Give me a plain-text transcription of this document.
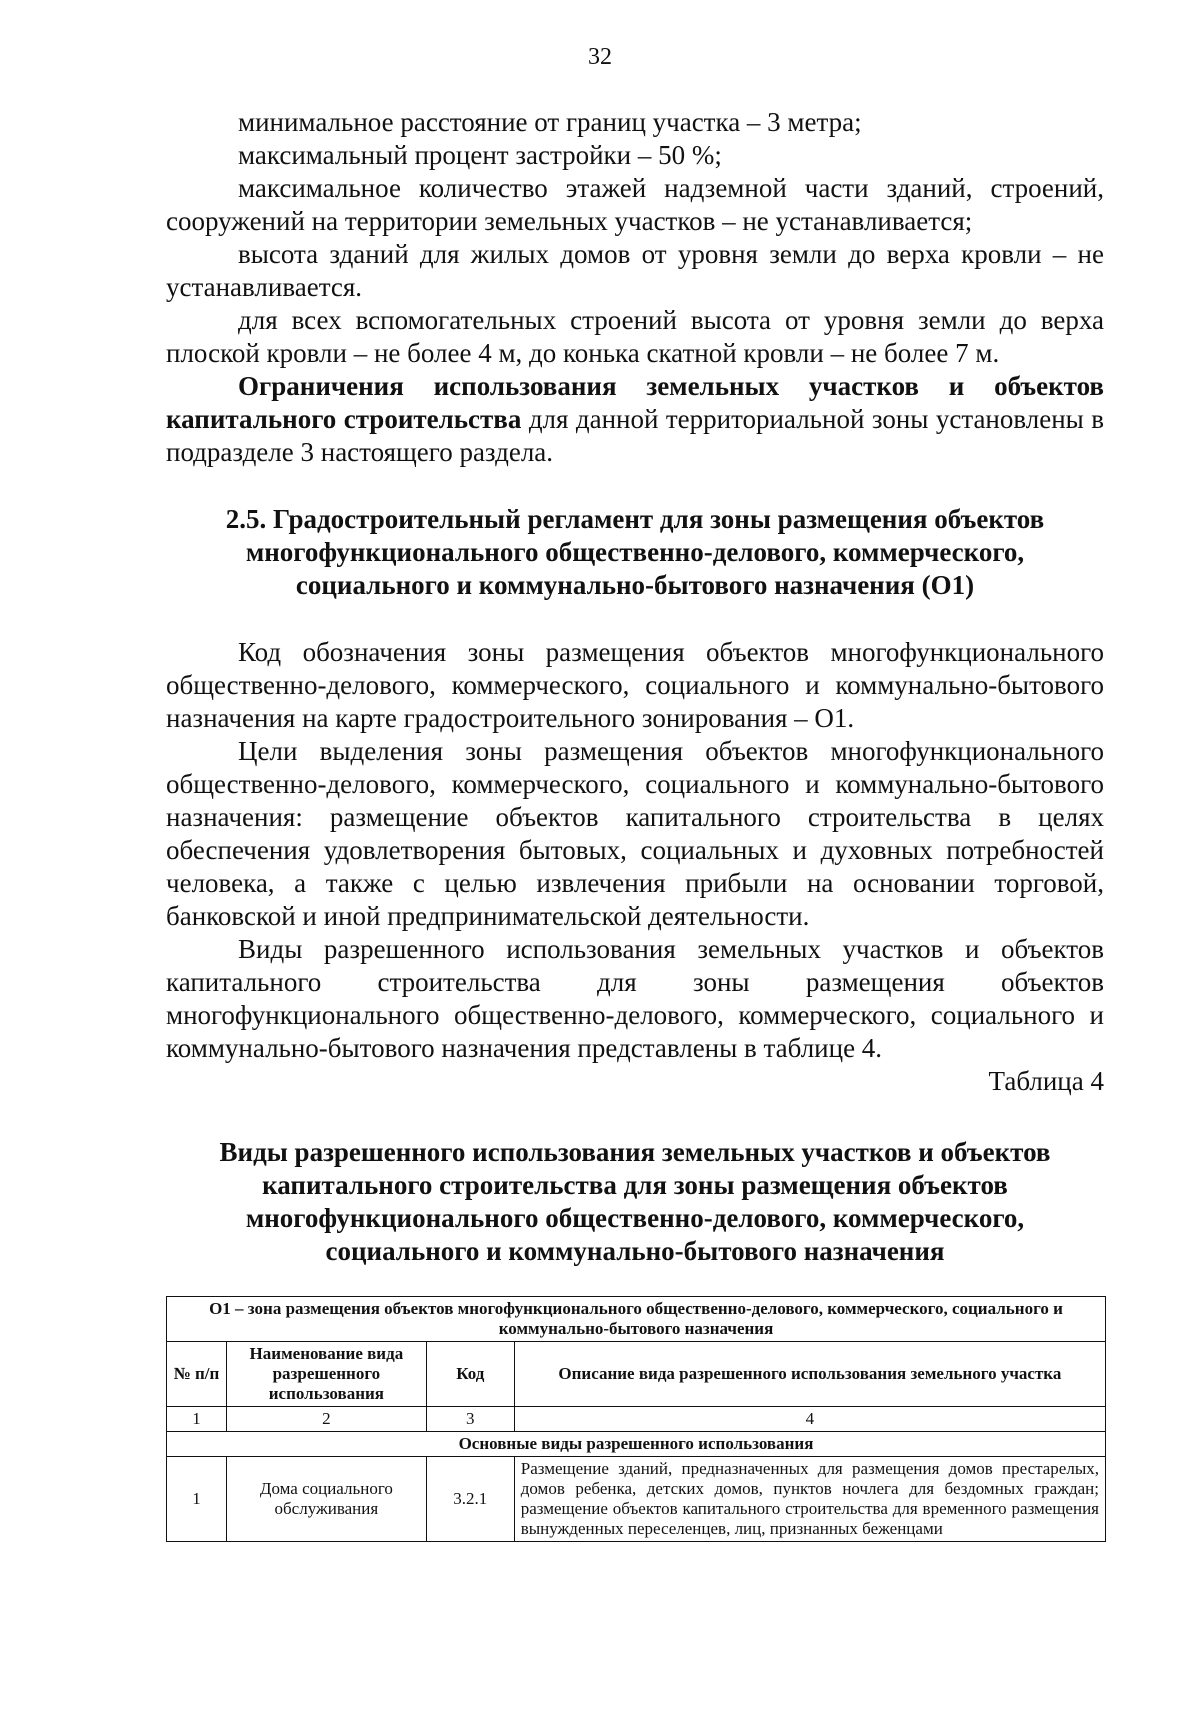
32

минимальное расстояние от границ участка – 3 метра;

максимальный процент застройки – 50 %;

максимальное количество этажей надземной части зданий, строений, сооружений на территории земельных участков – не устанавливается;

высота зданий для жилых домов от уровня земли до верха кровли – не устанавливается.

для всех вспомогательных строений высота от уровня земли до верха плоской кровли – не более 4 м, до конька скатной кровли – не более 7 м.

Ограничения использования земельных участков и объектов капитального строительства для данной территориальной зоны установлены в подразделе 3 настоящего раздела.

2.5. Градостроительный регламент для зоны размещения объектов многофункционального общественно-делового, коммерческого, социального и коммунально-бытового назначения (О1)

Код обозначения зоны размещения объектов многофункционального общественно-делового, коммерческого, социального и коммунально-бытового назначения на карте градостроительного зонирования – О1.

Цели выделения зоны размещения объектов многофункционального общественно-делового, коммерческого, социального и коммунально-бытового назначения: размещение объектов капитального строительства в целях обеспечения удовлетворения бытовых, социальных и духовных потребностей человека, а также с целью извлечения прибыли на основании торговой, банковской и иной предпринимательской деятельности.

Виды разрешенного использования земельных участков и объектов капитального строительства для зоны размещения объектов многофункционального общественно-делового, коммерческого, социального и коммунально-бытового назначения представлены в таблице 4.

Таблица 4

Виды разрешенного использования земельных участков и объектов капитального строительства для зоны размещения объектов многофункционального общественно-делового, коммерческого, социального и коммунально-бытового назначения
О1 – зона размещения объектов многофункционального общественно-делового, коммерческого, социального и коммунально-бытового назначения			
№ п/п	Наименование вида разрешенного использования	Код	Описание вида разрешенного использования земельного участка
1	2	3	4
Основные виды разрешенного использования			
1	Дома социального обслуживания	3.2.1	Размещение зданий, предназначенных для размещения домов престарелых, домов ребенка, детских домов, пунктов ночлега для бездомных граждан; размещение объектов капитального строительства для временного размещения вынужденных переселенцев, лиц, признанных беженцами
